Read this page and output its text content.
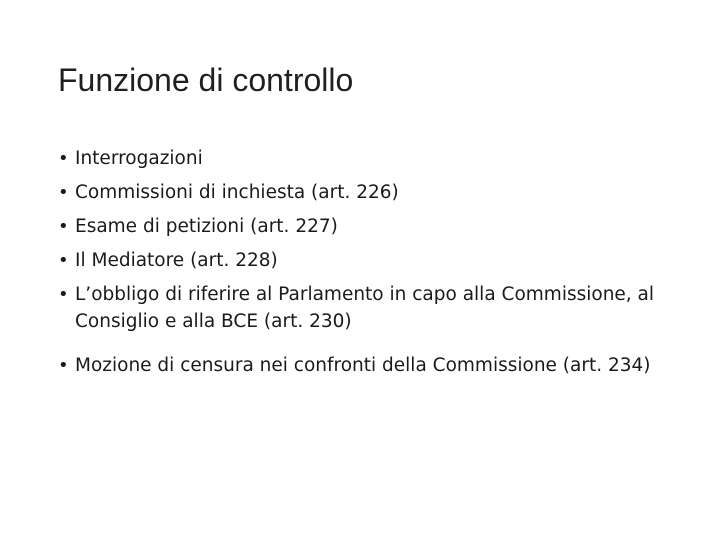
Funzione di controllo
• Interrogazioni
• Commissioni di inchiesta (art. 226)
• Esame di petizioni (art. 227)
• Il Mediatore (art. 228)
• L’obbligo di riferire al Parlamento in capo alla Commissione, al Consiglio e alla BCE (art. 230)
• Mozione di censura nei confronti della Commissione (art. 234)
